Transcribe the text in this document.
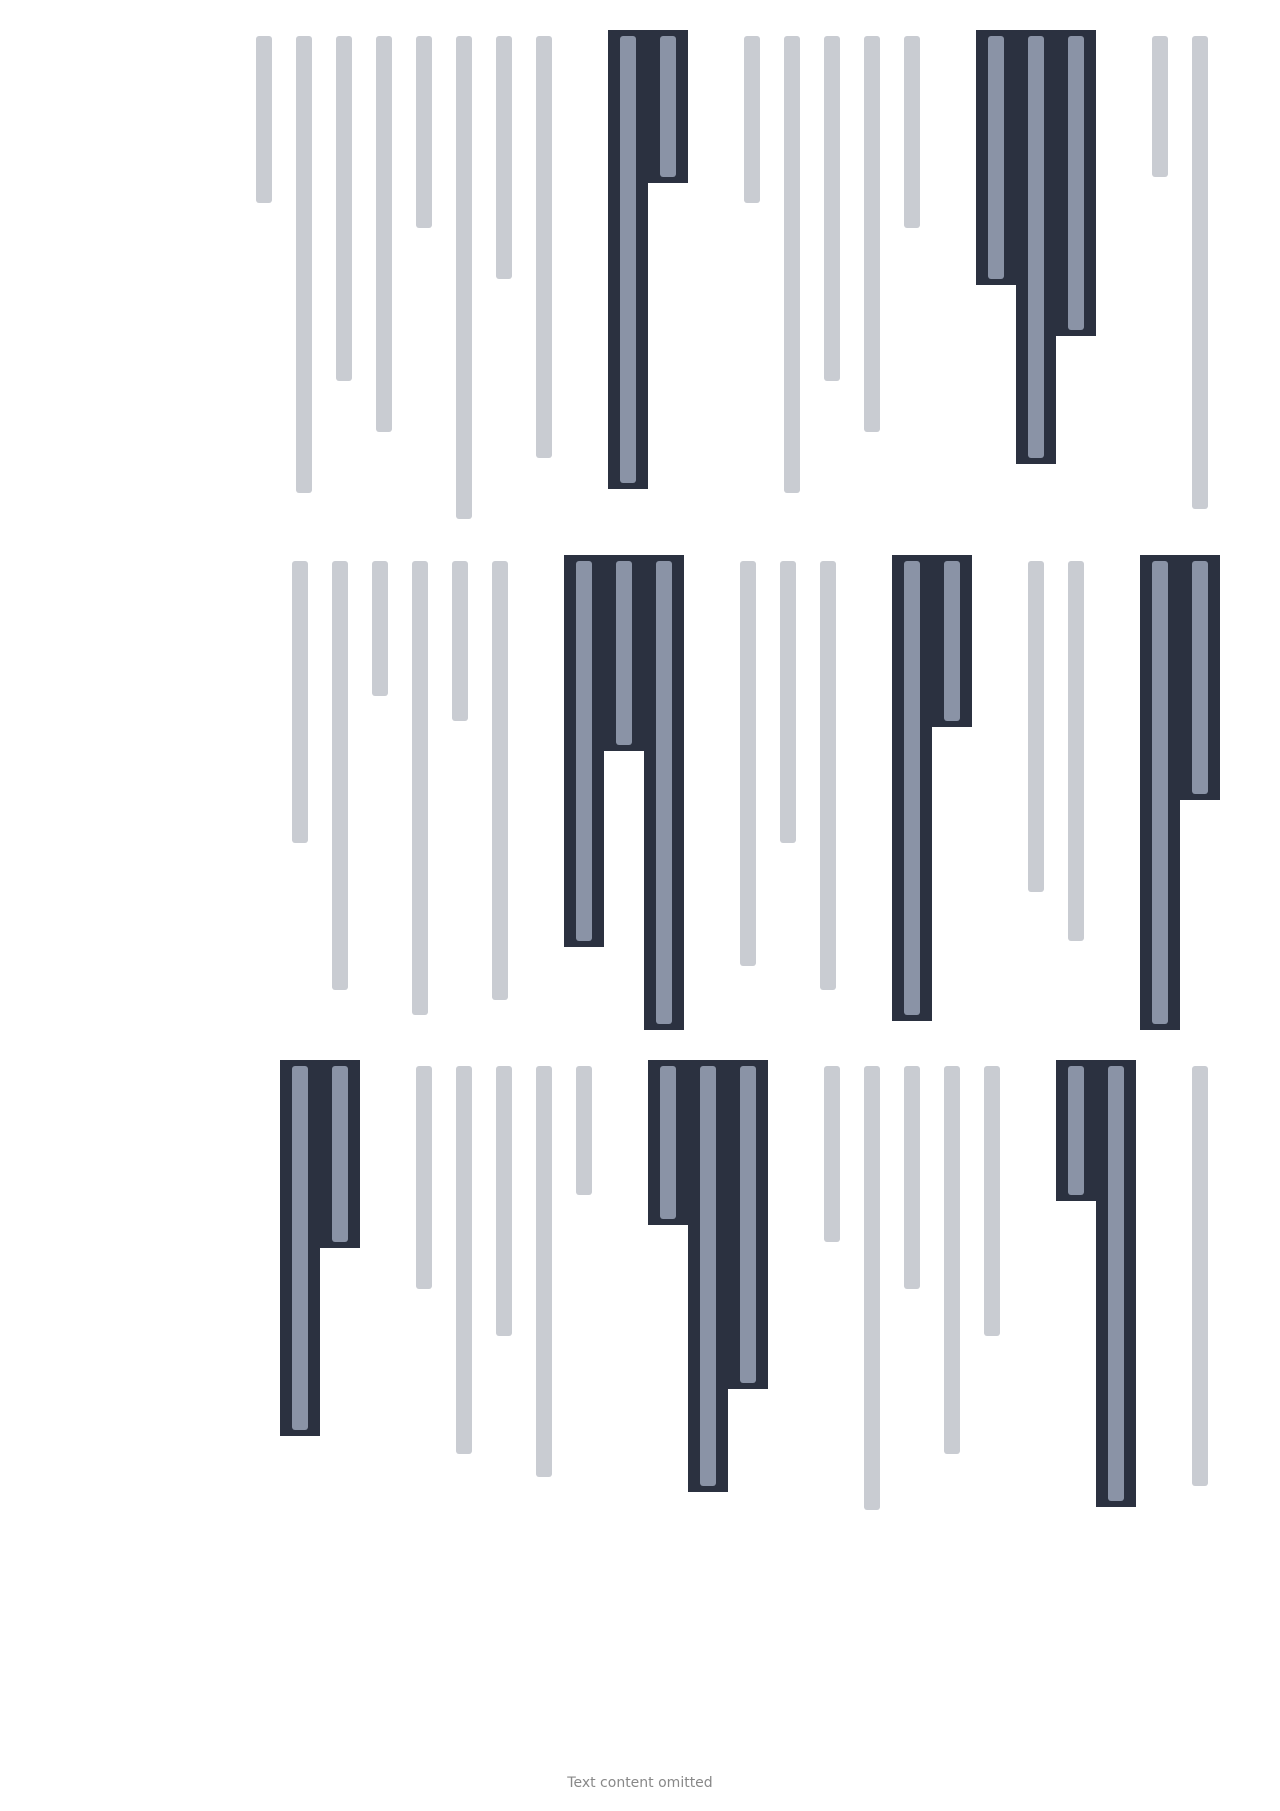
Text content omitted
